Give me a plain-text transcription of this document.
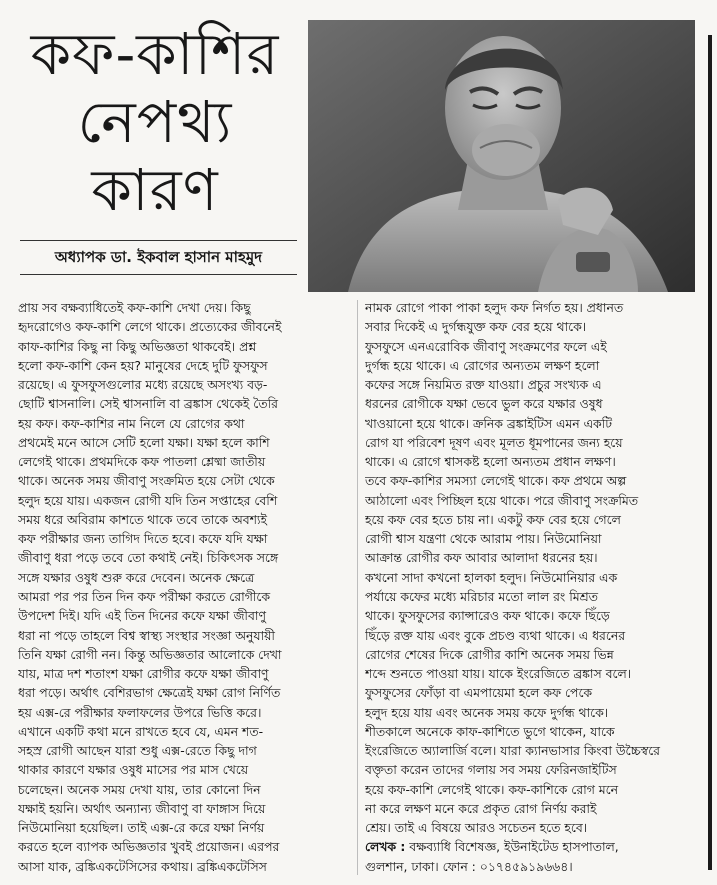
কফ-কাশির
নেপথ্য
কারণ
অধ্যাপক ডা. ইকবাল হাসান মাহমুদ
প্রায় সব বক্ষব্যাধিতেই কফ-কাশি দেখা দেয়। কিছু
হৃদরোগেও কফ-কাশি লেগে থাকে। প্রত্যেকের জীবনেই
কাফ-কাশির কিছু না কিছু অভিজ্ঞতা থাকবেই। প্রশ্ন
হলো কফ-কাশি কেন হয়? মানুষের দেহে দুটি ফুসফুস
রয়েছে। এ ফুসফুসগুলোর মধ্যে রয়েছে অসংখ্য বড়-
ছোটি শ্বাসনালি। সেই শ্বাসনালি বা ব্রঙ্কাস থেকেই তৈরি
হয় কফ। কফ-কাশির নাম নিলে যে রোগের কথা
প্রথমেই মনে আসে সেটি হলো যক্ষা। যক্ষা হলে কাশি
লেগেই থাকে। প্রথমদিকে কফ পাতলা শ্লেষ্মা জাতীয়
থাকে। অনেক সময় জীবাণু সংক্রমিত হয়ে সেটা থেকে
হলুদ হয়ে যায়। একজন রোগী যদি তিন সপ্তাহের বেশি
সময় ধরে অবিরাম কাশতে থাকে তবে তাকে অবশ্যই
কফ পরীক্ষার জন্য তাগিদ দিতে হবে। কফে যদি যক্ষা
জীবাণু ধরা পড়ে তবে তো কথাই নেই। চিকিৎসক সঙ্গে
সঙ্গে যক্ষার ওষুধ শুরু করে দেবেন। অনেক ক্ষেত্রে
আমরা পর পর তিন দিন কফ পরীক্ষা করতে রোগীকে
উপদেশ দিই। যদি এই তিন দিনের কফে যক্ষা জীবাণু
ধরা না পড়ে তাহলে বিশ্ব স্বাস্থ্য সংস্থার সংজ্ঞা অনুযায়ী
তিনি যক্ষা রোগী নন। কিন্তু অভিজ্ঞতার আলোকে দেখা
যায়, মাত্র দশ শতাংশ যক্ষা রোগীর কফে যক্ষা জীবাণু
ধরা পড়ে। অর্থাৎ বেশিরভাগ ক্ষেত্রেই যক্ষা রোগ নির্ণিত
হয় এক্স-রে পরীক্ষার ফলাফলের উপরে ভিত্তি করে।
এখানে একটি কথা মনে রাখতে হবে যে, এমন শত-
সহস্র রোগী আছেন যারা শুধু এক্স-রেতে কিছু দাগ
থাকার কারণে যক্ষার ওষুধ মাসের পর মাস খেয়ে
চলেছেন। অনেক সময় দেখা যায়, তার কোনো দিন
যক্ষাই হয়নি। অর্থাৎ অন্যান্য জীবাণু বা ফাঙ্গাস দিয়ে
নিউমোনিয়া হয়েছিল। তাই এক্স-রে করে যক্ষা নির্ণয়
করতে হলে ব্যাপক অভিজ্ঞতার খুবই প্রয়োজন। এরপর
আসা যাক, ব্রঙ্কিএকটেসিসের কথায়। ব্রঙ্কিএকটেসিস
নামক রোগে পাকা পাকা হলুদ কফ নির্গত হয়। প্রধানত
সবার দিকেই এ দুর্গন্ধযুক্ত কফ বের হয়ে থাকে।
ফুসফুসে এনএরোবিক জীবাণু সংক্রমণের ফলে এই
দুর্গন্ধ হয়ে থাকে। এ রোগের অন্যতম লক্ষণ হলো
কফের সঙ্গে নিয়মিত রক্ত যাওয়া। প্রচুর সংখ্যক এ
ধরনের রোগীকে যক্ষা ভেবে ভুল করে যক্ষার ওষুধ
খাওয়ানো হয়ে থাকে। ক্রনিক ব্রঙ্কাইটিস এমন একটি
রোগ যা পরিবেশ দূষণ এবং মূলত ধূমপানের জন্য হয়ে
থাকে। এ রোগে শ্বাসকষ্ট হলো অন্যতম প্রধান লক্ষণ।
তবে কফ-কাশির সমস্যা লেগেই থাকে। কফ প্রথমে অল্প
আঠালো এবং পিচ্ছিল হয়ে থাকে। পরে জীবাণু সংক্রমিত
হয়ে কফ বের হতে চায় না। একটু কফ বের হয়ে গেলে
রোগী শ্বাস যন্ত্রণা থেকে আরাম পায়। নিউমোনিয়া
আক্রান্ত রোগীর কফ আবার আলাদা ধরনের হয়।
কখনো সাদা কখনো হালকা হলুদ। নিউমোনিয়ার এক
পর্যায়ে কফের মধ্যে মরিচার মতো লাল রং মিশ্রত
থাকে। ফুসফুসের ক্যান্সারেও কফ থাকে। কফে ছিঁড়ে
ছিঁড়ে রক্ত যায় এবং বুকে প্রচণ্ড ব্যথা থাকে। এ ধরনের
রোগের শেষের দিকে রোগীর কাশি অনেক সময় ভিন্ন
শব্দে শুনতে পাওয়া যায়। যাকে ইংরেজিতে ব্রঙ্কাস বলে।
ফুসফুসের ফোঁড়া বা এমপায়েমা হলে কফ পেকে
হলুদ হয়ে যায় এবং অনেক সময় কফে দুর্গন্ধ থাকে।
শীতকালে অনেকে কাফ-কাশিতে ভুগে থাকেন, যাকে
ইংরেজিতে অ্যালার্জি বলে। যারা ক্যানভাসার কিংবা উচ্চৈস্বরে
বক্তৃতা করেন তাদের গলায় সব সময় ফেরিনজাইটিস
হয়ে কফ-কাশি লেগেই থাকে। কফ-কাশিকে রোগ মনে
না করে লক্ষণ মনে করে প্রকৃত রোগ নির্ণয় করাই
শ্রেয়। তাই এ বিষয়ে আরও সচেতন হতে হবে।
লেখক : বক্ষব্যাধি বিশেষজ্ঞ, ইউনাইটেড হাসপাতাল,
গুলশান, ঢাকা। ফোন : ০১৭৪৫৯১৯৬৬৪।
